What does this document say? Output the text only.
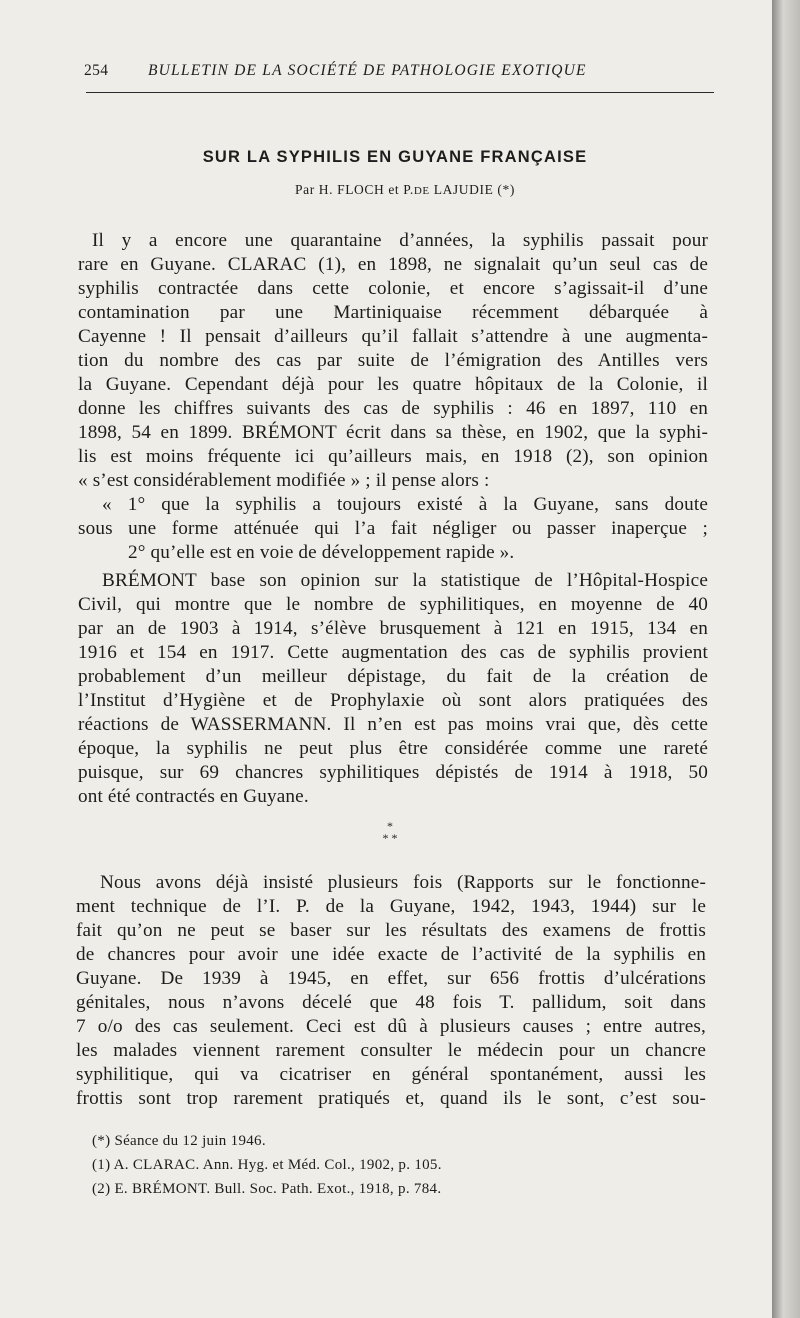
254	BULLETIN DE LA SOCIÉTÉ DE PATHOLOGIE EXOTIQUE
SUR LA SYPHILIS EN GUYANE FRANÇAISE
Par H. FLOCH et P.DE LAJUDIE (*)
Il y a encore une quarantaine d’années, la syphilis passait pour
rare en Guyane. CLARAC (1), en 1898, ne signalait qu’un seul cas de
syphilis contractée dans cette colonie, et encore s’agissait-il d’une
contamination par une Martiniquaise récemment débarquée à
Cayenne ! Il pensait d’ailleurs qu’il fallait s’attendre à une augmenta-
tion du nombre des cas par suite de l’émigration des Antilles vers
la Guyane. Cependant déjà pour les quatre hôpitaux de la Colonie, il
donne les chiffres suivants des cas de syphilis : 46 en 1897, 110 en
1898, 54 en 1899. BRÉMONT écrit dans sa thèse, en 1902, que la syphi-
lis est moins fréquente ici qu’ailleurs mais, en 1918 (2), son opinion
« s’est considérablement modifiée » ; il pense alors :
« 1° que la syphilis a toujours existé à la Guyane, sans doute
sous une forme atténuée qui l’a fait négliger ou passer inaperçue ;
2° qu’elle est en voie de développement rapide ».
BRÉMONT base son opinion sur la statistique de l’Hôpital-Hospice
Civil, qui montre que le nombre de syphilitiques, en moyenne de 40
par an de 1903 à 1914, s’élève brusquement à 121 en 1915, 134 en
1916 et 154 en 1917. Cette augmentation des cas de syphilis provient
probablement d’un meilleur dépistage, du fait de la création de
l’Institut d’Hygiène et de Prophylaxie où sont alors pratiquées des
réactions de WASSERMANN. Il n’en est pas moins vrai que, dès cette
époque, la syphilis ne peut plus être considérée comme une rareté
puisque, sur 69 chancres syphilitiques dépistés de 1914 à 1918, 50
ont été contractés en Guyane.
*
* *
Nous avons déjà insisté plusieurs fois (Rapports sur le fonctionne-
ment technique de l’I. P. de la Guyane, 1942, 1943, 1944) sur le
fait qu’on ne peut se baser sur les résultats des examens de frottis
de chancres pour avoir une idée exacte de l’activité de la syphilis en
Guyane. De 1939 à 1945, en effet, sur 656 frottis d’ulcérations
génitales, nous n’avons décelé que 48 fois T. pallidum, soit dans
7 o/o des cas seulement. Ceci est dû à plusieurs causes ; entre autres,
les malades viennent rarement consulter le médecin pour un chancre
syphilitique, qui va cicatriser en général spontanément, aussi les
frottis sont trop rarement pratiqués et, quand ils le sont, c’est sou-
(*) Séance du 12 juin 1946.
(1) A. CLARAC. Ann. Hyg. et Méd. Col., 1902, p. 105.
(2) E. BRÉMONT. Bull. Soc. Path. Exot., 1918, p. 784.
